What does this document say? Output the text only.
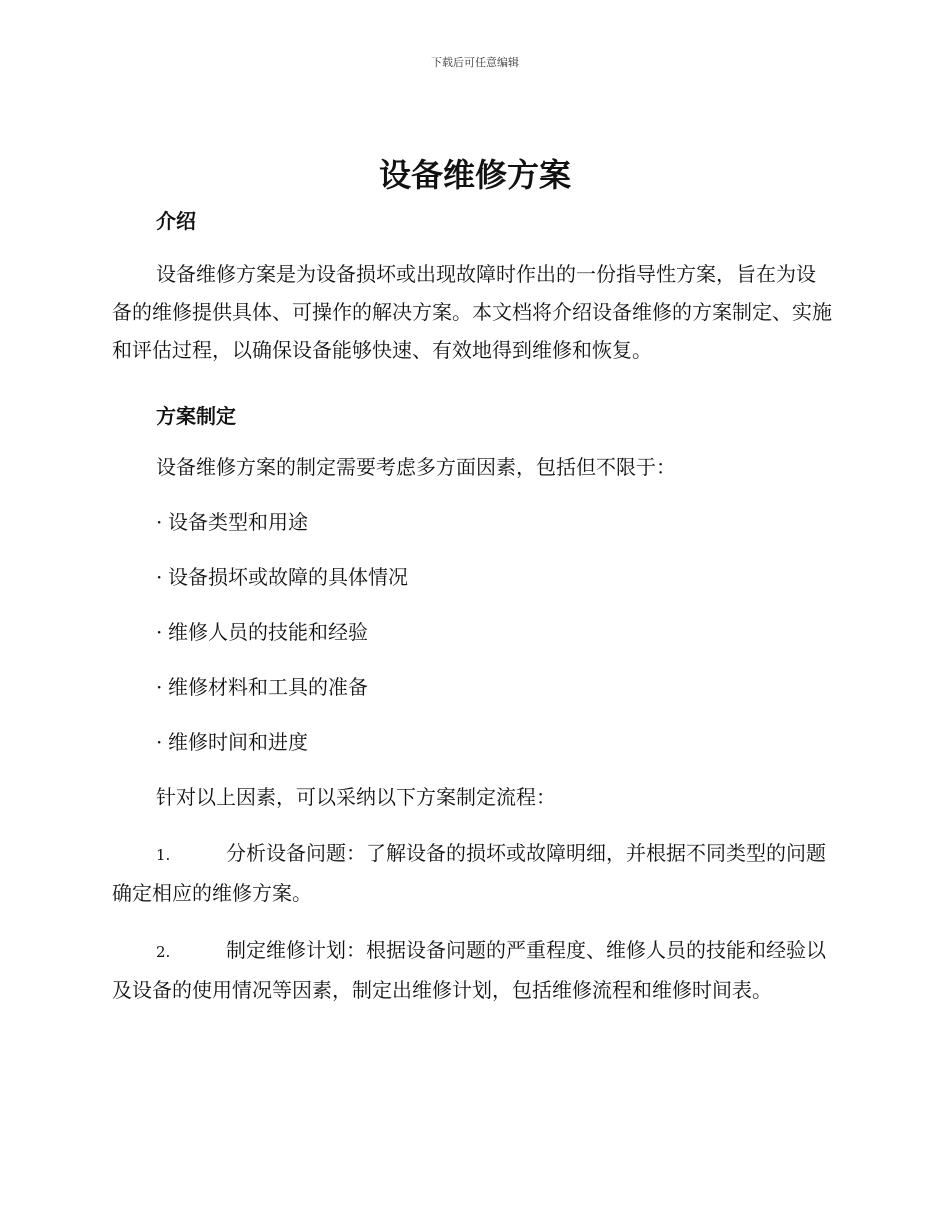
下载后可任意编辑
设备维修方案
介绍
设备维修方案是为设备损坏或出现故障时作出的一份指导性方案，旨在为设备的维修提供具体、可操作的解决方案。本文档将介绍设备维修的方案制定、实施和评估过程，以确保设备能够快速、有效地得到维修和恢复。
方案制定
设备维修方案的制定需要考虑多方面因素，包括但不限于：
· 设备类型和用途
· 设备损坏或故障的具体情况
· 维修人员的技能和经验
· 维修材料和工具的准备
· 维修时间和进度
针对以上因素，可以采纳以下方案制定流程：
1.	分析设备问题：了解设备的损坏或故障明细，并根据不同类型的问题确定相应的维修方案。
2.	制定维修计划：根据设备问题的严重程度、维修人员的技能和经验以及设备的使用情况等因素，制定出维修计划，包括维修流程和维修时间表。
